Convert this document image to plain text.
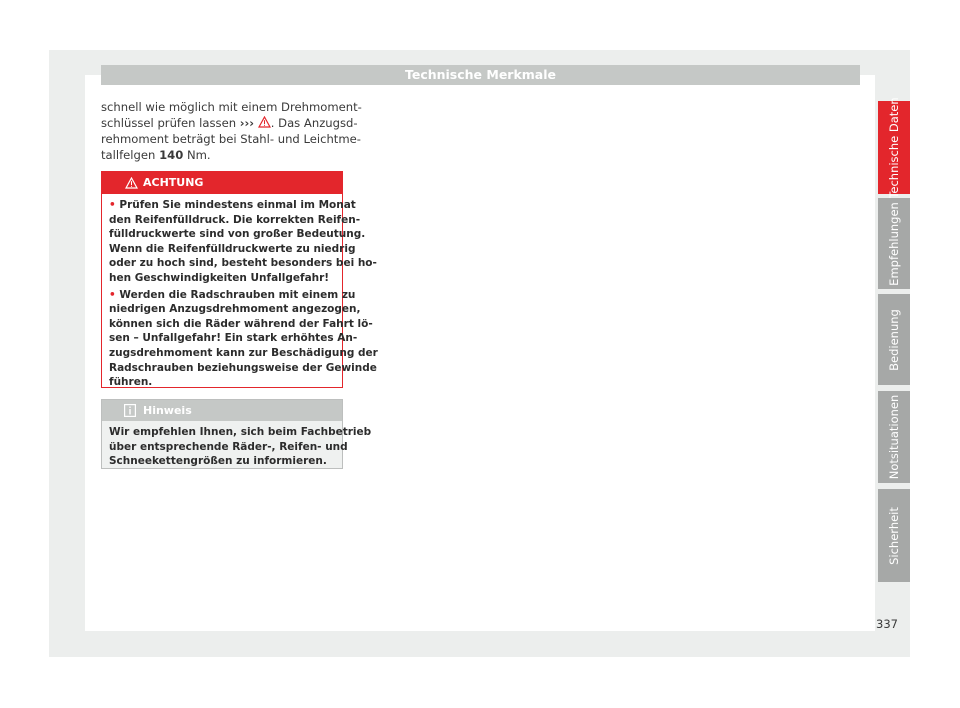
Technische Merkmale
schnell wie möglich mit einem Drehmoment-
schlüssel prüfen lassen ››› . Das Anzugsd-
rehmoment beträgt bei Stahl- und Leichtme-
tallfelgen 140 Nm.
ACHTUNG
• Prüfen Sie mindestens einmal im Monat
den Reifenfülldruck. Die korrekten Reifen-
fülldruckwerte sind von großer Bedeutung.
Wenn die Reifenfülldruckwerte zu niedrig
oder zu hoch sind, besteht besonders bei ho-
hen Geschwindigkeiten Unfallgefahr!
• Werden die Radschrauben mit einem zu
niedrigen Anzugsdrehmoment angezogen,
können sich die Räder während der Fahrt lö-
sen – Unfallgefahr! Ein stark erhöhtes An-
zugsdrehmoment kann zur Beschädigung der
Radschrauben beziehungsweise der Gewinde
führen.
Hinweis
Wir empfehlen Ihnen, sich beim Fachbetrieb
über entsprechende Räder-, Reifen- und
Schneekettengrößen zu informieren.
Technische Daten
Empfehlungen
Bedienung
Notsituationen
Sicherheit
337
